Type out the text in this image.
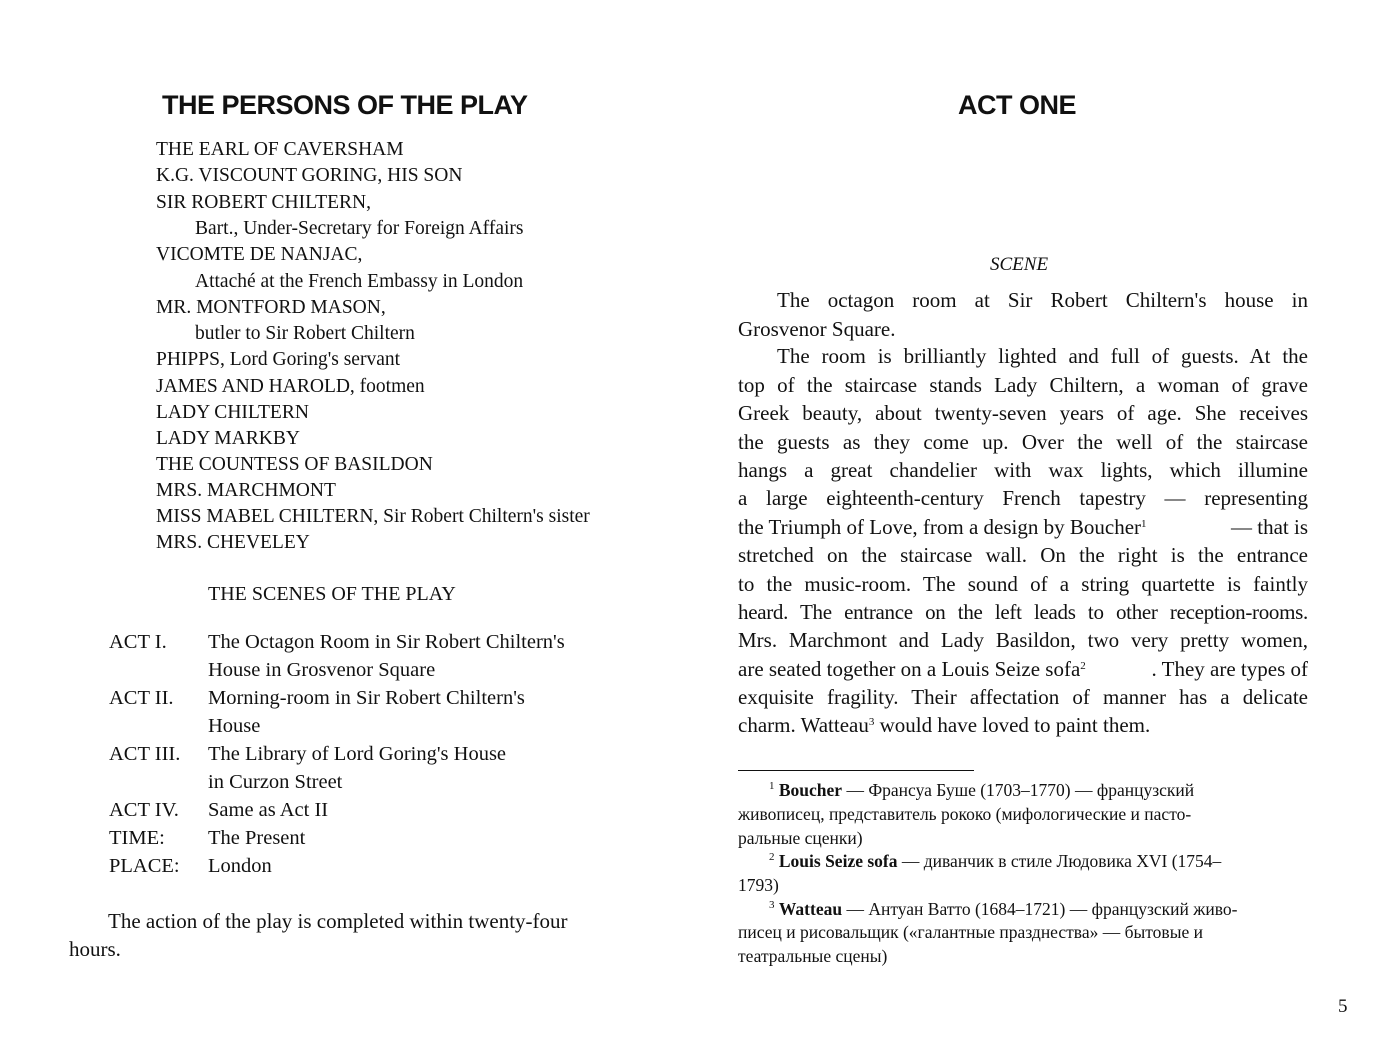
THE PERSONS OF THE PLAY
THE EARL OF CAVERSHAM
K.G. VISCOUNT GORING, HIS SON
SIR ROBERT CHILTERN,
Bart., Under-Secretary for Foreign Affairs
VICOMTE DE NANJAC,
Attaché at the French Embassy in London
MR. MONTFORD MASON,
butler to Sir Robert Chiltern
PHIPPS, Lord Goring's servant
JAMES AND HAROLD, footmen
LADY CHILTERN
LADY MARKBY
THE COUNTESS OF BASILDON
MRS. MARCHMONT
MISS MABEL CHILTERN, Sir Robert Chiltern's sister
MRS. CHEVELEY
THE SCENES OF THE PLAY
ACT I. The Octagon Room in Sir Robert Chiltern's
House in Grosvenor Square
ACT II. Morning-room in Sir Robert Chiltern's
House
ACT III. The Library of Lord Goring's House
in Curzon Street
ACT IV. Same as Act II
TIME: The Present
PLACE: London
The action of the play is completed within twenty-four
hours.
ACT ONE
SCENE
The octagon room at Sir Robert Chiltern's house in
Grosvenor Square.
The room is brilliantly lighted and full of guests. At the
top of the staircase stands Lady Chiltern, a woman of grave
Greek beauty, about twenty-seven years of age. She receives
the guests as they come up. Over the well of the staircase
hangs a great chandelier with wax lights, which illumine
a large eighteenth-century French tapestry — representing
the Triumph of Love, from a design by Boucher$^1$	— that is
stretched on the staircase wall. On the right is the entrance
to the music-room. The sound of a string quartette is faintly
heard. The entrance on the left leads to other reception-rooms.
Mrs. Marchmont and Lady Basildon, two very pretty women,
are seated together on a Louis Seize sofa$^2$	. They are types of
exquisite fragility. Their affectation of manner has a delicate
charm. Watteau$^3$ would have loved to paint them.
$^1$ Boucher — Франсуа Буше (1703–1770) — французский
живописец, представитель рококо (мифологические и пасто-
ральные сценки)
$^2$ Louis Seize sofa — диванчик в стиле Людовика XVI (1754–
1793)
$^3$ Watteau — Антуан Ватто (1684–1721) — французский живо-
писец и рисовальщик («галантные празднества» — бытовые и
театральные сцены)
5
